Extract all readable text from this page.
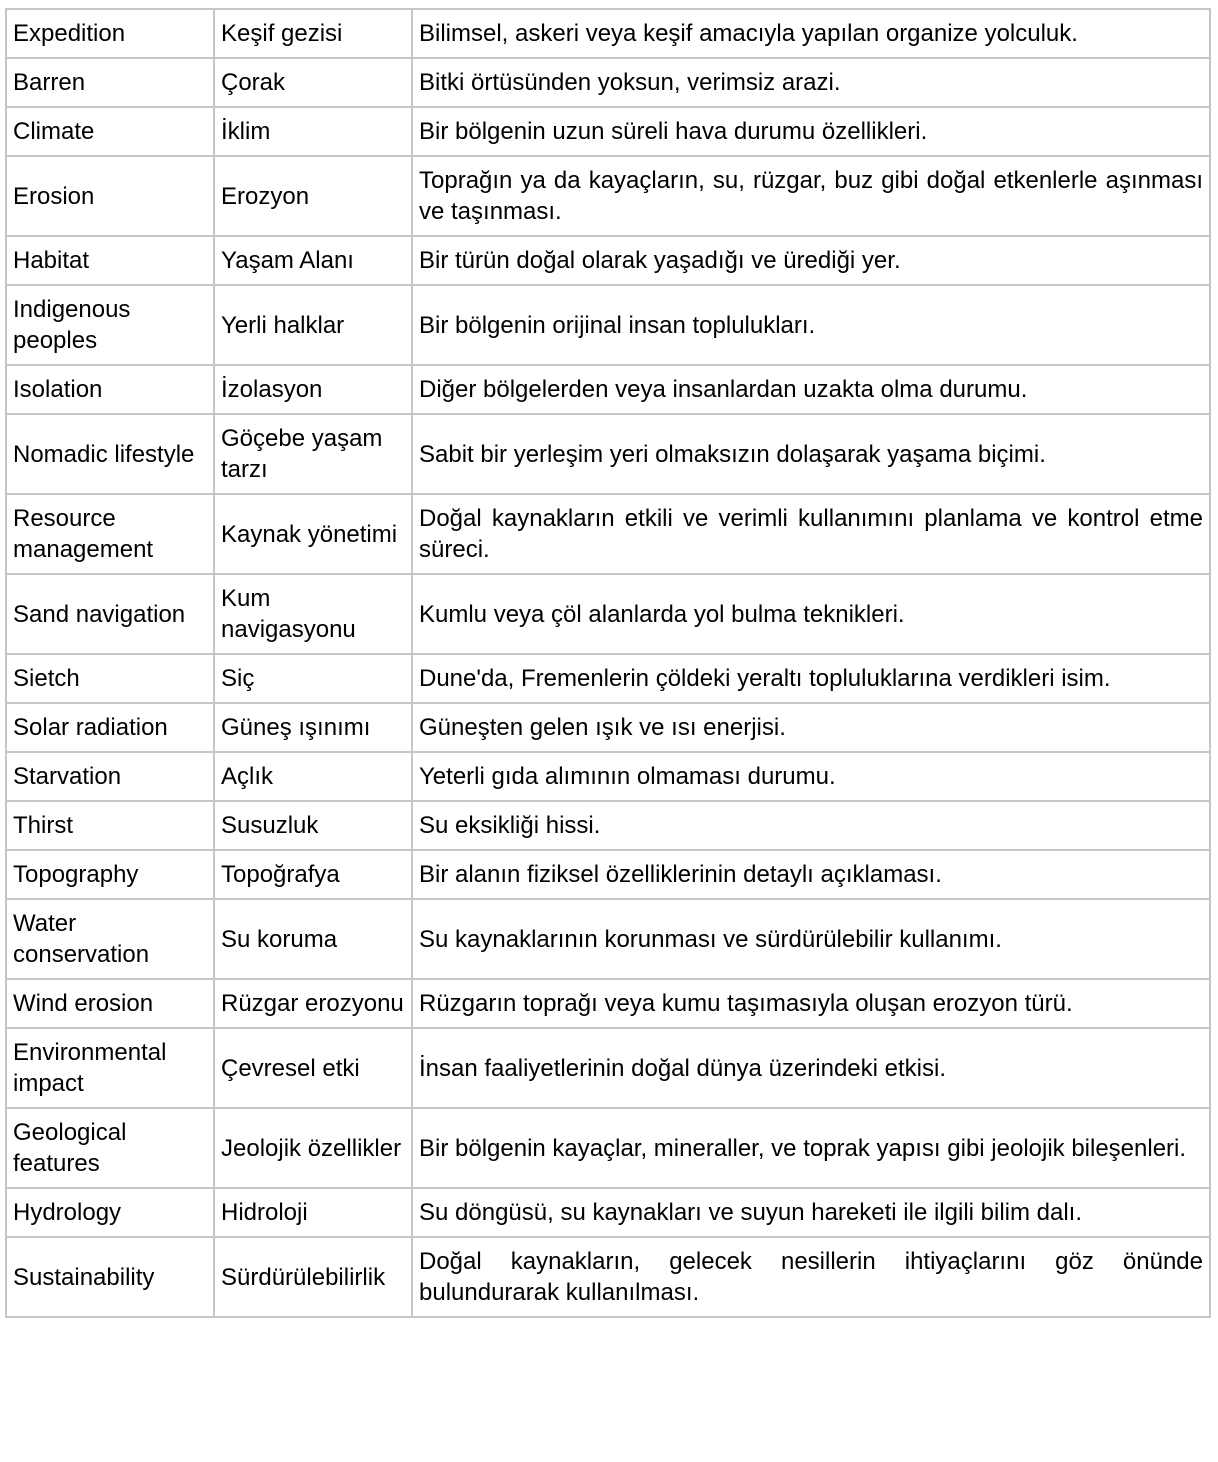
Expedition	Keşif gezisi	Bilimsel, askeri veya keşif amacıyla yapılan organize yolculuk.
Barren	Çorak	Bitki örtüsünden yoksun, verimsiz arazi.
Climate	İklim	Bir bölgenin uzun süreli hava durumu özellikleri.
Erosion	Erozyon	Toprağın ya da kayaçların, su, rüzgar, buz gibi doğal etkenlerle aşınması ve taşınması.
Habitat	Yaşam Alanı	Bir türün doğal olarak yaşadığı ve ürediği yer.
Indigenous peoples	Yerli halklar	Bir bölgenin orijinal insan toplulukları.
Isolation	İzolasyon	Diğer bölgelerden veya insanlardan uzakta olma durumu.
Nomadic lifestyle	Göçebe yaşam tarzı	Sabit bir yerleşim yeri olmaksızın dolaşarak yaşama biçimi.
Resource management	Kaynak yönetimi	Doğal kaynakların etkili ve verimli kullanımını planlama ve kontrol etme süreci.
Sand navigation	Kum navigasyonu	Kumlu veya çöl alanlarda yol bulma teknikleri.
Sietch	Siç	Dune'da, Fremenlerin çöldeki yeraltı topluluklarına verdikleri isim.
Solar radiation	Güneş ışınımı	Güneşten gelen ışık ve ısı enerjisi.
Starvation	Açlık	Yeterli gıda alımının olmaması durumu.
Thirst	Susuzluk	Su eksikliği hissi.
Topography	Topoğrafya	Bir alanın fiziksel özelliklerinin detaylı açıklaması.
Water conservation	Su koruma	Su kaynaklarının korunması ve sürdürülebilir kullanımı.
Wind erosion	Rüzgar erozyonu	Rüzgarın toprağı veya kumu taşımasıyla oluşan erozyon türü.
Environmental impact	Çevresel etki	İnsan faaliyetlerinin doğal dünya üzerindeki etkisi.
Geological features	Jeolojik özellikler	Bir bölgenin kayaçlar, mineraller, ve toprak yapısı gibi jeolojik bileşenleri.
Hydrology	Hidroloji	Su döngüsü, su kaynakları ve suyun hareketi ile ilgili bilim dalı.
Sustainability	Sürdürülebilirlik	Doğal kaynakların, gelecek nesillerin ihtiyaçlarını göz önünde bulundurarak kullanılması.
